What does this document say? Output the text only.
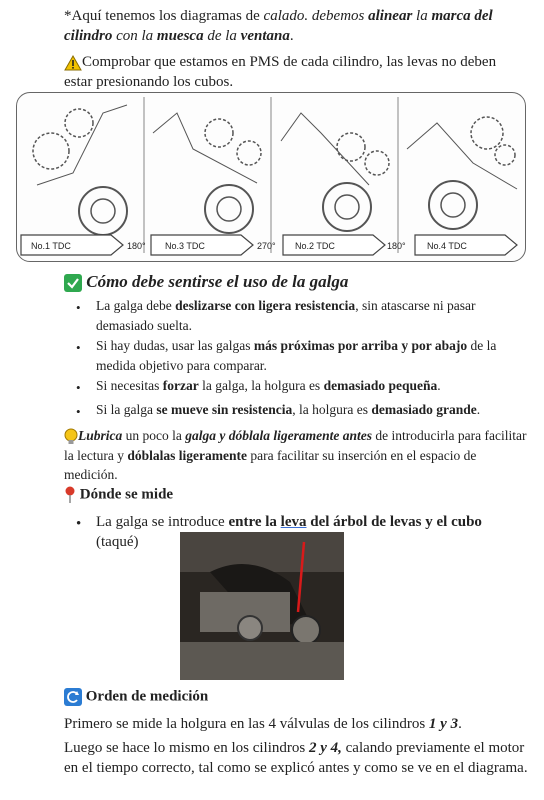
*Aquí tenemos los diagramas de calado. debemos alinear la marca del cilindro con la muesca de la ventana.
Comprobar que estamos en PMS de cada cilindro, las levas no deben estar presionando los cubos.
No.1 TDC	180° No.3 TDC	270° No.2 TDC	180° No.4 TDC
Cómo debe sentirse el uso de la galga
• La galga debe deslizarse con ligera resistencia, sin atascarse ni pasar demasiado suelta.
• Si hay dudas, usar las galgas más próximas por arriba y por abajo de la medida objetivo para comparar.
• Si necesitas forzar la galga, la holgura es demasiado pequeña.
• Si la galga se mueve sin resistencia, la holgura es demasiado grande.
Lubrica un poco la galga y dóblala ligeramente antes de introducirla para facilitar la lectura y dóblalas ligeramente para facilitar su inserción en el espacio de medición.
Dónde se mide
• La galga se introduce entre la leva del árbol de levas y el cubo
(taqué)
Orden de medición
Primero se mide la holgura en las 4 válvulas de los cilindros 1 y 3.
Luego se hace lo mismo en los cilindros 2 y 4, calando previamente el motor en el tiempo correcto, tal como se explicó antes y como se ve en el diagrama.
